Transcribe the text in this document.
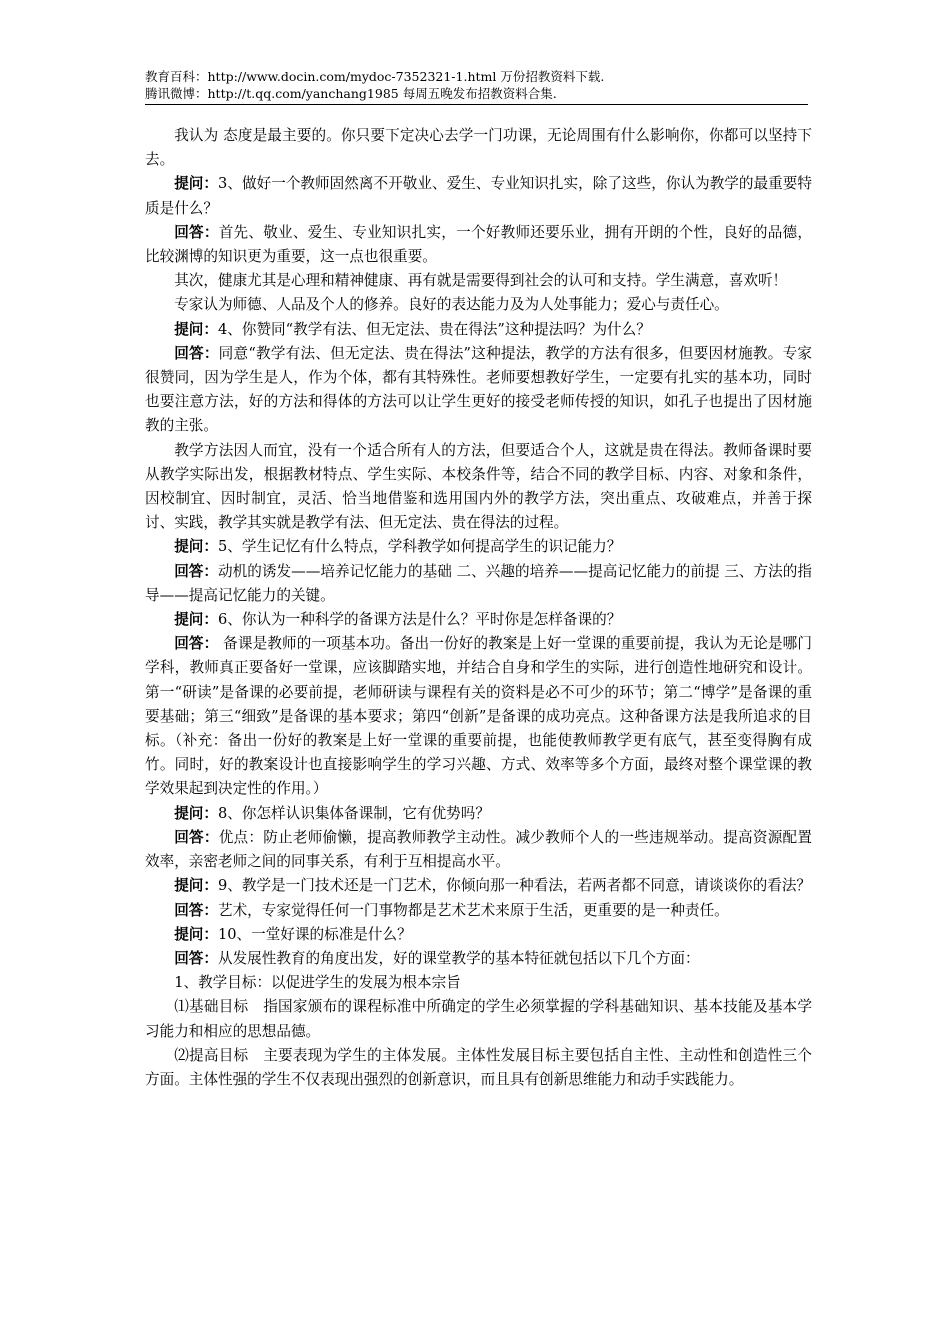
教育百科：http://www.docin.com/mydoc-7352321-1.html 万份招教资料下载.
腾讯微博：http://t.qq.com/yanchang1985 每周五晚发布招教资料合集.

我认为 态度是最主要的。你只要下定决心去学一门功课，无论周围有什么影响你，你都可以坚持下去。

提问：3、做好一个教师固然离不开敬业、爱生、专业知识扎实，除了这些，你认为教学的最重要特质是什么？

回答：首先、敬业、爱生、专业知识扎实，一个好教师还要乐业，拥有开朗的个性，良好的品德，比较渊博的知识更为重要，这一点也很重要。

其次，健康尤其是心理和精神健康、再有就是需要得到社会的认可和支持。学生满意，喜欢听！

专家认为师德、人品及个人的修养。良好的表达能力及为人处事能力；爱心与责任心。

提问：4、你赞同“教学有法、但无定法、贵在得法”这种提法吗？为什么？

回答：同意“教学有法、但无定法、贵在得法”这种提法，教学的方法有很多，但要因材施教。专家很赞同，因为学生是人，作为个体，都有其特殊性。老师要想教好学生，一定要有扎实的基本功，同时也要注意方法，好的方法和得体的方法可以让学生更好的接受老师传授的知识，如孔子也提出了因材施教的主张。

教学方法因人而宜，没有一个适合所有人的方法，但要适合个人，这就是贵在得法。教师备课时要从教学实际出发，根据教材特点、学生实际、本校条件等，结合不同的教学目标、内容、对象和条件，因校制宜、因时制宜，灵活、恰当地借鉴和选用国内外的教学方法，突出重点、攻破难点，并善于探讨、实践，教学其实就是教学有法、但无定法、贵在得法的过程。

提问：5、学生记忆有什么特点，学科教学如何提高学生的识记能力？

回答：动机的诱发——培养记忆能力的基础 二、兴趣的培养——提高记忆能力的前提 三、方法的指导——提高记忆能力的关键。

提问：6、你认为一种科学的备课方法是什么？平时你是怎样备课的？

回答： 备课是教师的一项基本功。备出一份好的教案是上好一堂课的重要前提，我认为无论是哪门学科，教师真正要备好一堂课，应该脚踏实地，并结合自身和学生的实际，进行创造性地研究和设计。第一“研读”是备课的必要前提，老师研读与课程有关的资料是必不可少的环节；第二“博学”是备课的重要基础；第三“细致”是备课的基本要求；第四“创新”是备课的成功亮点。这种备课方法是我所追求的目标。（补充：备出一份好的教案是上好一堂课的重要前提，也能使教师教学更有底气，甚至变得胸有成竹。同时，好的教案设计也直接影响学生的学习兴趣、方式、效率等多个方面，最终对整个课堂课的教学效果起到决定性的作用。）

提问：8、你怎样认识集体备课制，它有优势吗？

回答：优点：防止老师偷懒，提高教师教学主动性。减少教师个人的一些违规举动。提高资源配置效率，亲密老师之间的同事关系，有利于互相提高水平。

提问：9、教学是一门技术还是一门艺术，你倾向那一种看法，若两者都不同意，请谈谈你的看法？

回答：艺术，专家觉得任何一门事物都是艺术艺术来原于生活，更重要的是一种责任。

提问：10、一堂好课的标准是什么？

回答：从发展性教育的角度出发，好的课堂教学的基本特征就包括以下几个方面：

1、教学目标：以促进学生的发展为根本宗旨

⑴基础目标　指国家颁布的课程标准中所确定的学生必须掌握的学科基础知识、基本技能及基本学习能力和相应的思想品德。

⑵提高目标　主要表现为学生的主体发展。主体性发展目标主要包括自主性、主动性和创造性三个方面。主体性强的学生不仅表现出强烈的创新意识，而且具有创新思维能力和动手实践能力。
